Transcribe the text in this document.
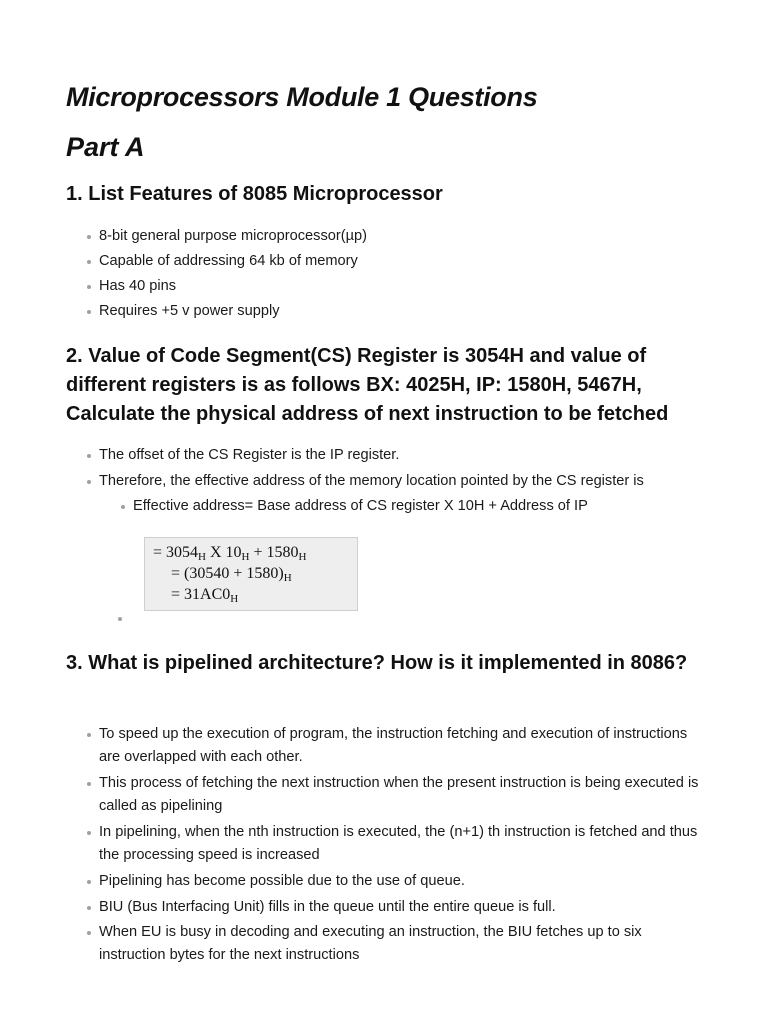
Microprocessors Module 1 Questions
Part A
1. List Features of 8085 Microprocessor
8-bit general purpose microprocessor(µp)
Capable of addressing 64 kb of memory
Has 40 pins
Requires +5 v power supply
2. Value of Code Segment(CS) Register is 3054H and value of different registers is as follows BX: 4025H, IP: 1580H, 5467H, Calculate the physical address of next instruction to be fetched
The offset of the CS Register is the IP register.
Therefore, the effective address of the memory location pointed by the CS register is
Effective address= Base address of CS register X 10H + Address of IP
= $3054_H$ X $10_H + 1580_H$
= $(30540 + 1580)_H$
= $31AC0_H$
3. What is pipelined architecture? How is it implemented in 8086?
To speed up the execution of program, the instruction fetching and execution of instructions are overlapped with each other.
This process of fetching the next instruction when the present instruction is being executed is called as pipelining
In pipelining, when the nth instruction is executed, the (n+1) th instruction is fetched and thus the processing speed is increased
Pipelining has become possible due to the use of queue.
BIU (Bus Interfacing Unit) fills in the queue until the entire queue is full.
When EU is busy in decoding and executing an instruction, the BIU fetches up to six instruction bytes for the next instructions
